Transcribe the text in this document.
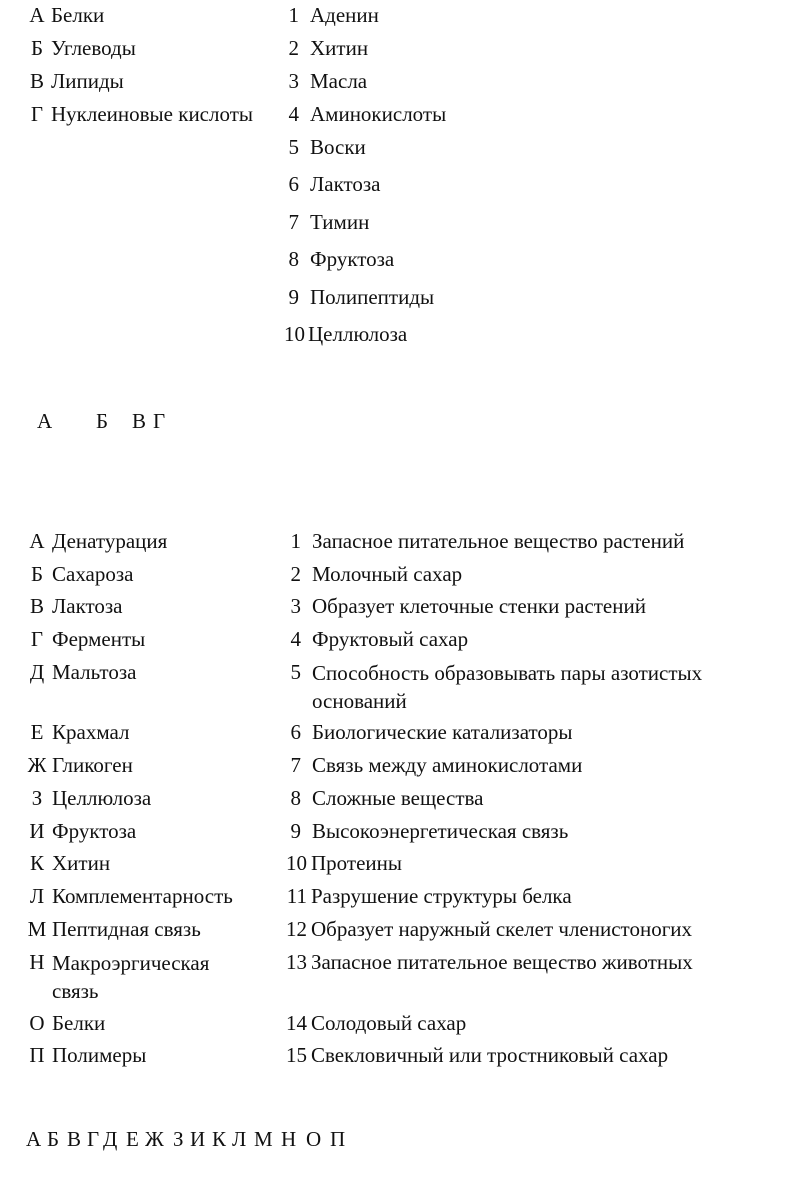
А Белки
Б Углеводы
В Липиды
Г Нуклеиновые кислоты
1 Аденин
2 Хитин
3 Масла
4 Аминокислоты
5 Воски
6 Лактоза
7 Тимин
8 Фруктоза
9 Полипептиды
10 Целлюлоза
А Б В Г
А Денатурация
Б Сахароза
В Лактоза
Г Ферменты
Д Мальтоза
Е Крахмал
Ж Гликоген
З Целлюлоза
И Фруктоза
К Хитин
Л Комплементарность
М Пептидная связь
Н Макроэргическая связь
О Белки
П Полимеры
1 Запасное питательное вещество растений
2 Молочный сахар
3 Образует клеточные стенки растений
4 Фруктовый сахар
5 Способность образовывать пары азотистых оснований
6 Биологические катализаторы
7 Связь между аминокислотами
8 Сложные вещества
9 Высокоэнергетическая связь
10 Протеины
11 Разрушение структуры белка
12 Образует наружный скелет членистоногих
13 Запасное питательное вещество животных
14 Солодовый сахар
15 Свекловичный или тростниковый сахар
А Б В Г Д Е Ж З И К Л М Н О П
